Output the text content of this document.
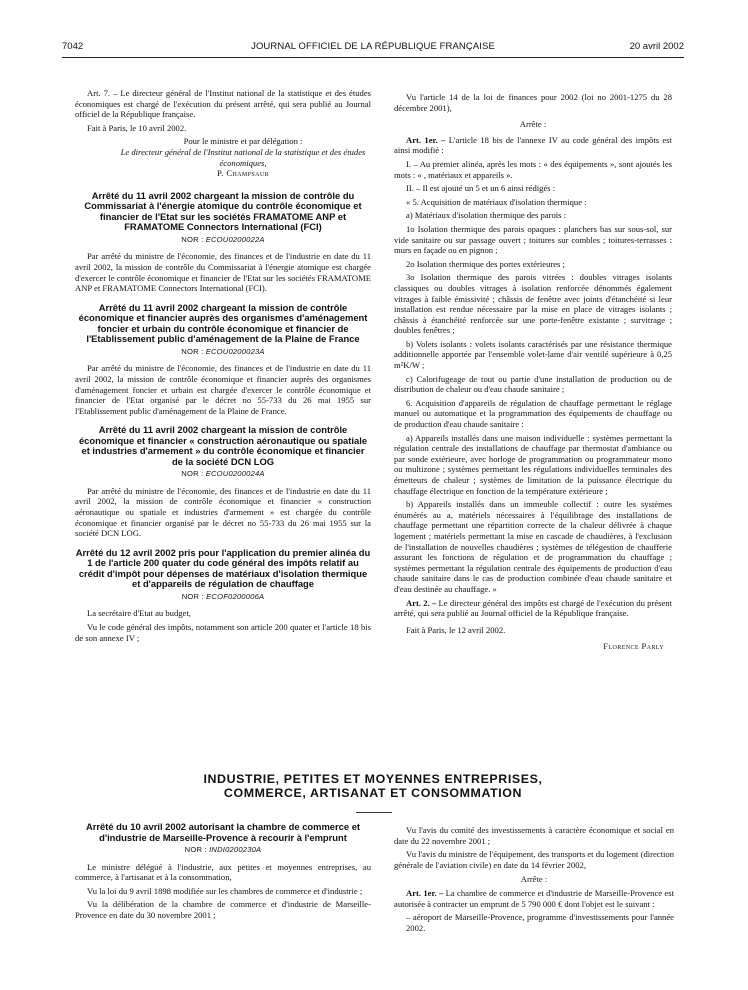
7042	JOURNAL OFFICIEL DE LA RÉPUBLIQUE FRANÇAISE	20 avril 2002

Art. 7. – Le directeur général de l'Institut national de la statistique et des études économiques est chargé de l'exécution du présent arrêté, qui sera publié au Journal officiel de la République française.

Fait à Paris, le 10 avril 2002.

Pour le ministre et par délégation :
Le directeur général de l'Institut national de la statistique et des études économiques,
P. Champsaur
Arrêté du 11 avril 2002 chargeant la mission de contrôle du Commissariat à l'énergie atomique du contrôle économique et financier de l'Etat sur les sociétés FRAMATOME ANP et FRAMATOME Connectors International (FCI)
NOR : ECOU0200022A

Par arrêté du ministre de l'économie, des finances et de l'industrie en date du 11 avril 2002, la mission de contrôle du Commissariat à l'énergie atomique est chargée d'exercer le contrôle économique et financier de l'Etat sur les sociétés FRAMATOME ANP et FRAMATOME Connectors International (FCI).

Arrêté du 11 avril 2002 chargeant la mission de contrôle économique et financier auprès des organismes d'aménagement foncier et urbain du contrôle économique et financier de l'Etablissement public d'aménagement de la Plaine de France
NOR : ECOU0200023A

Par arrêté du ministre de l'économie, des finances et de l'industrie en date du 11 avril 2002, la mission de contrôle économique et financier auprès des organismes d'aménagement foncier et urbain est chargée d'exercer le contrôle économique et financier de l'Etat organisé par le décret no 55-733 du 26 mai 1955 sur l'Etablissement public d'aménagement de la Plaine de France.

Arrêté du 11 avril 2002 chargeant la mission de contrôle économique et financier « construction aéronautique ou spatiale et industries d'armement » du contrôle économique et financier de la société DCN LOG
NOR : ECOU0200024A

Par arrêté du ministre de l'économie, des finances et de l'industrie en date du 11 avril 2002, la mission de contrôle économique et financier « construction aéronautique ou spatiale et industries d'armement » est chargée du contrôle économique et financier organisé par le décret no 55-733 du 26 mai 1955 sur la société DCN LOG.

Arrêté du 12 avril 2002 pris pour l'application du premier alinéa du 1 de l'article 200 quater du code général des impôts relatif au crédit d'impôt pour dépenses de matériaux d'isolation thermique et d'appareils de régulation de chauffage
NOR : ECOF0200006A

La secrétaire d'Etat au budget,

Vu le code général des impôts, notamment son article 200 quater et l'article 18 bis de son annexe IV ;

Vu l'article 14 de la loi de finances pour 2002 (loi no 2001-1275 du 28 décembre 2001),

Arrête :

Art. 1er. – L'article 18 bis de l'annexe IV au code général des impôts est ainsi modifié :

I. – Au premier alinéa, après les mots : « des équipements », sont ajoutés les mots : « , matériaux et appareils ».

II. – Il est ajouté un 5 et un 6 ainsi rédigés :

« 5. Acquisition de matériaux d'isolation thermique :

a) Matériaux d'isolation thermique des parois :

1o Isolation thermique des parois opaques : planchers bas sur sous-sol, sur vide sanitaire ou sur passage ouvert ; toitures sur combles ; toitures-terrasses : murs en façade ou en pignon ;

2o Isolation thermique des portes extérieures ;

3o Isolation thermique des parois vitrées : doubles vitrages isolants classiques ou doubles vitrages à isolation renforcée dénommés également vitrages à faible émissivité ; châssis de fenêtre avec joints d'étanchéité si leur installation est rendue nécessaire par la mise en place de vitrages isolants ; châssis à étanchéité renforcée sur une porte-fenêtre existante ; survitrage ; doubles fenêtres ;

b) Volets isolants : volets isolants caractérisés par une résistance thermique additionnelle apportée par l'ensemble volet-lame d'air ventilé supérieure à 0,25 m²K/W ;

c) Calorifugeage de tout ou partie d'une installation de production ou de distribution de chaleur ou d'eau chaude sanitaire ;

6. Acquisition d'appareils de régulation de chauffage permettant le réglage manuel ou automatique et la programmation des équipements de chauffage ou de production d'eau chaude sanitaire :

a) Appareils installés dans une maison individuelle : systèmes permettant la régulation centrale des installations de chauffage par thermostat d'ambiance ou par sonde extérieure, avec horloge de programmation ou programmateur mono ou multizone ; systèmes permettant les régulations individuelles terminales des émetteurs de chaleur ; systèmes de limitation de la puissance électrique du chauffage électrique en fonction de la température extérieure ;

b) Appareils installés dans un immeuble collectif : outre les systèmes énumérés au a, matériels nécessaires à l'équilibrage des installations de chauffage permettant une répartition correcte de la chaleur délivrée à chaque logement ; matériels permettant la mise en cascade de chaudières, à l'exclusion de l'installation de nouvelles chaudières ; systèmes de télégestion de chaufferie assurant les fonctions de régulation et de programmation du chauffage ; systèmes permettant la régulation centrale des équipements de production d'eau chaude sanitaire dans le cas de production combinée d'eau chaude sanitaire et d'eau destinée au chauffage. »

Art. 2. – Le directeur général des impôts est chargé de l'exécution du présent arrêté, qui sera publié au Journal officiel de la République française.

Fait à Paris, le 12 avril 2002.

Florence Parly

INDUSTRIE, PETITES ET MOYENNES ENTREPRISES,
COMMERCE, ARTISANAT ET CONSOMMATION
Arrêté du 10 avril 2002 autorisant la chambre de commerce et d'industrie de Marseille-Provence à recourir à l'emprunt
NOR : INDI0200230A

Le ministre délégué à l'industrie, aux petites et moyennes entreprises, au commerce, à l'artisanat et à la consommation,

Vu la loi du 9 avril 1898 modifiée sur les chambres de commerce et d'industrie ;

Vu la délibération de la chambre de commerce et d'industrie de Marseille-Provence en date du 30 novembre 2001 ;

Vu l'avis du comité des investissements à caractère économique et social en date du 22 novembre 2001 ;

Vu l'avis du ministre de l'équipement, des transports et du logement (direction générale de l'aviation civile) en date du 14 février 2002,

Arrête :

Art. 1er. – La chambre de commerce et d'industrie de Marseille-Provence est autorisée à contracter un emprunt de 5 790 000 € dont l'objet est le suivant :

– aéroport de Marseille-Provence, programme d'investissements pour l'année 2002.
